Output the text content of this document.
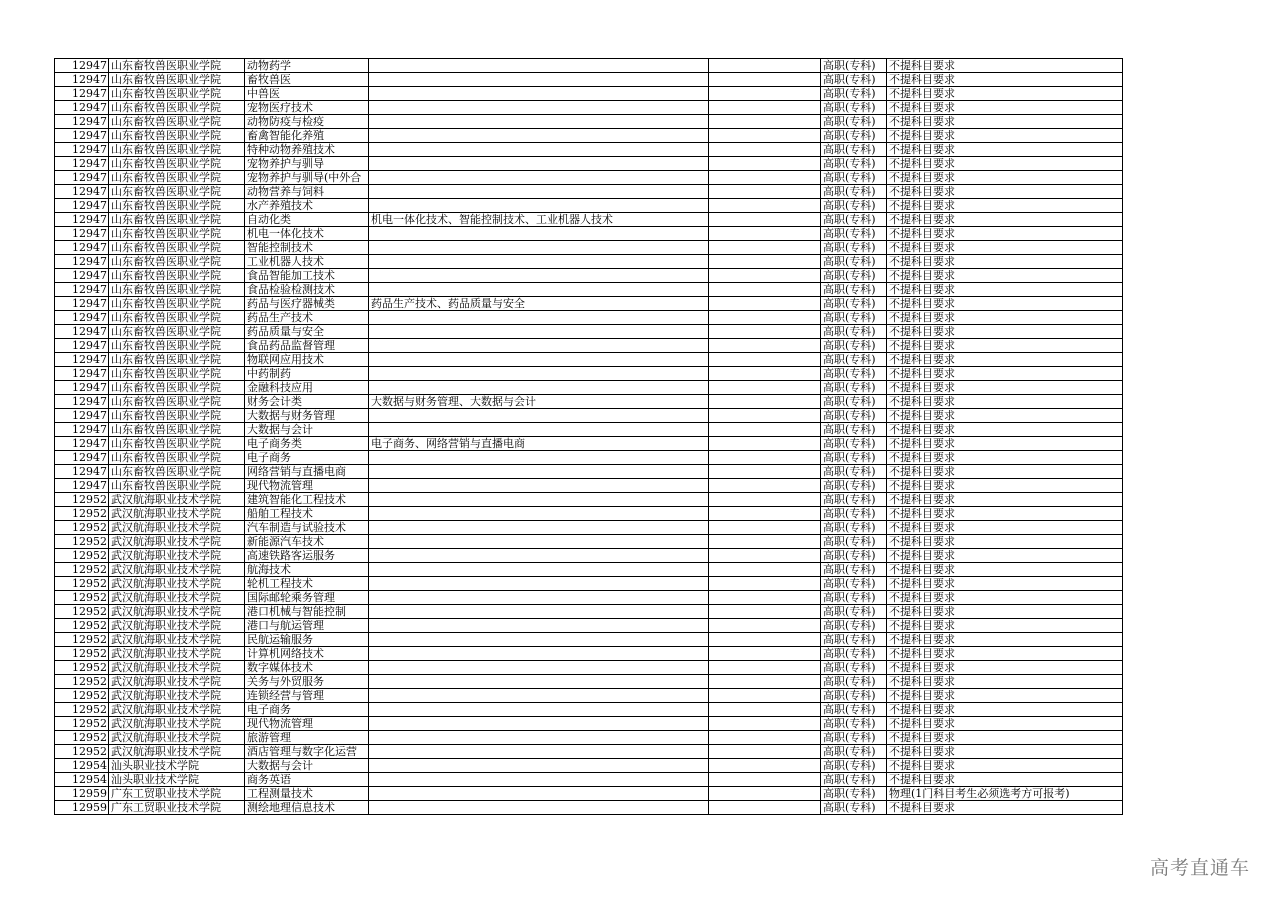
12947	山东畜牧兽医职业学院	动物药学			高职(专科)	不提科目要求
12947	山东畜牧兽医职业学院	畜牧兽医			高职(专科)	不提科目要求
12947	山东畜牧兽医职业学院	中兽医			高职(专科)	不提科目要求
12947	山东畜牧兽医职业学院	宠物医疗技术			高职(专科)	不提科目要求
12947	山东畜牧兽医职业学院	动物防疫与检疫			高职(专科)	不提科目要求
12947	山东畜牧兽医职业学院	畜禽智能化养殖			高职(专科)	不提科目要求
12947	山东畜牧兽医职业学院	特种动物养殖技术			高职(专科)	不提科目要求
12947	山东畜牧兽医职业学院	宠物养护与驯导			高职(专科)	不提科目要求
12947	山东畜牧兽医职业学院	宠物养护与驯导(中外合			高职(专科)	不提科目要求
12947	山东畜牧兽医职业学院	动物营养与饲料			高职(专科)	不提科目要求
12947	山东畜牧兽医职业学院	水产养殖技术			高职(专科)	不提科目要求
12947	山东畜牧兽医职业学院	自动化类	机电一体化技术、智能控制技术、工业机器人技术		高职(专科)	不提科目要求
12947	山东畜牧兽医职业学院	机电一体化技术			高职(专科)	不提科目要求
12947	山东畜牧兽医职业学院	智能控制技术			高职(专科)	不提科目要求
12947	山东畜牧兽医职业学院	工业机器人技术			高职(专科)	不提科目要求
12947	山东畜牧兽医职业学院	食品智能加工技术			高职(专科)	不提科目要求
12947	山东畜牧兽医职业学院	食品检验检测技术			高职(专科)	不提科目要求
12947	山东畜牧兽医职业学院	药品与医疗器械类	药品生产技术、药品质量与安全		高职(专科)	不提科目要求
12947	山东畜牧兽医职业学院	药品生产技术			高职(专科)	不提科目要求
12947	山东畜牧兽医职业学院	药品质量与安全			高职(专科)	不提科目要求
12947	山东畜牧兽医职业学院	食品药品监督管理			高职(专科)	不提科目要求
12947	山东畜牧兽医职业学院	物联网应用技术			高职(专科)	不提科目要求
12947	山东畜牧兽医职业学院	中药制药			高职(专科)	不提科目要求
12947	山东畜牧兽医职业学院	金融科技应用			高职(专科)	不提科目要求
12947	山东畜牧兽医职业学院	财务会计类	大数据与财务管理、大数据与会计		高职(专科)	不提科目要求
12947	山东畜牧兽医职业学院	大数据与财务管理			高职(专科)	不提科目要求
12947	山东畜牧兽医职业学院	大数据与会计			高职(专科)	不提科目要求
12947	山东畜牧兽医职业学院	电子商务类	电子商务、网络营销与直播电商		高职(专科)	不提科目要求
12947	山东畜牧兽医职业学院	电子商务			高职(专科)	不提科目要求
12947	山东畜牧兽医职业学院	网络营销与直播电商			高职(专科)	不提科目要求
12947	山东畜牧兽医职业学院	现代物流管理			高职(专科)	不提科目要求
12952	武汉航海职业技术学院	建筑智能化工程技术			高职(专科)	不提科目要求
12952	武汉航海职业技术学院	船舶工程技术			高职(专科)	不提科目要求
12952	武汉航海职业技术学院	汽车制造与试验技术			高职(专科)	不提科目要求
12952	武汉航海职业技术学院	新能源汽车技术			高职(专科)	不提科目要求
12952	武汉航海职业技术学院	高速铁路客运服务			高职(专科)	不提科目要求
12952	武汉航海职业技术学院	航海技术			高职(专科)	不提科目要求
12952	武汉航海职业技术学院	轮机工程技术			高职(专科)	不提科目要求
12952	武汉航海职业技术学院	国际邮轮乘务管理			高职(专科)	不提科目要求
12952	武汉航海职业技术学院	港口机械与智能控制			高职(专科)	不提科目要求
12952	武汉航海职业技术学院	港口与航运管理			高职(专科)	不提科目要求
12952	武汉航海职业技术学院	民航运输服务			高职(专科)	不提科目要求
12952	武汉航海职业技术学院	计算机网络技术			高职(专科)	不提科目要求
12952	武汉航海职业技术学院	数字媒体技术			高职(专科)	不提科目要求
12952	武汉航海职业技术学院	关务与外贸服务			高职(专科)	不提科目要求
12952	武汉航海职业技术学院	连锁经营与管理			高职(专科)	不提科目要求
12952	武汉航海职业技术学院	电子商务			高职(专科)	不提科目要求
12952	武汉航海职业技术学院	现代物流管理			高职(专科)	不提科目要求
12952	武汉航海职业技术学院	旅游管理			高职(专科)	不提科目要求
12952	武汉航海职业技术学院	酒店管理与数字化运营			高职(专科)	不提科目要求
12954	汕头职业技术学院	大数据与会计			高职(专科)	不提科目要求
12954	汕头职业技术学院	商务英语			高职(专科)	不提科目要求
12959	广东工贸职业技术学院	工程测量技术			高职(专科)	物理(1门科目考生必须选考方可报考)
12959	广东工贸职业技术学院	测绘地理信息技术			高职(专科)	不提科目要求
高考直通车
